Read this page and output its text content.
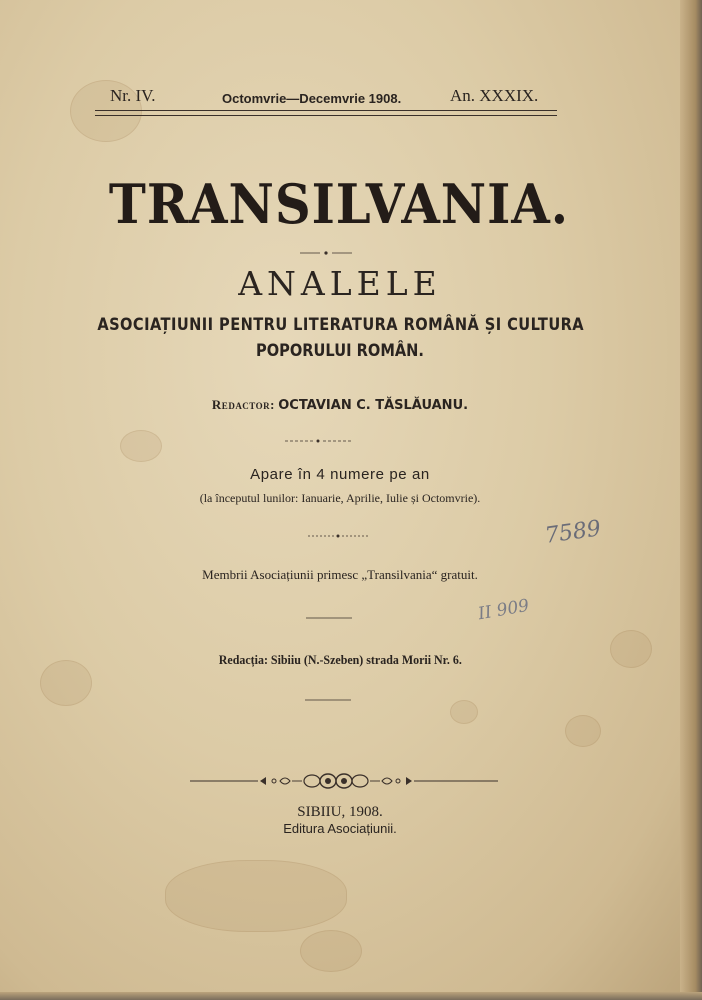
Nr. IV.	Octomvrie—Decemvrie 1908.	An. XXXIX.
TRANSILVANIA.
ANALELE
ASOCIAȚIUNII PENTRU LITERATURA ROMÂNĂ ȘI CULTURA
POPORULUI ROMÂN.
Redactor: OCTAVIAN C. TĂSLĂUANU.
Apare în 4 numere pe an
(la începutul lunilor: Ianuarie, Aprilie, Iulie și Octomvrie).
7589
Membrii Asociațiunii primesc „Transilvania“ gratuit.
II 909
Redacția: Sibiiu (N.-Szeben) strada Morii Nr. 6.
SIBIIU, 1908.
Editura Asociațiunii.
